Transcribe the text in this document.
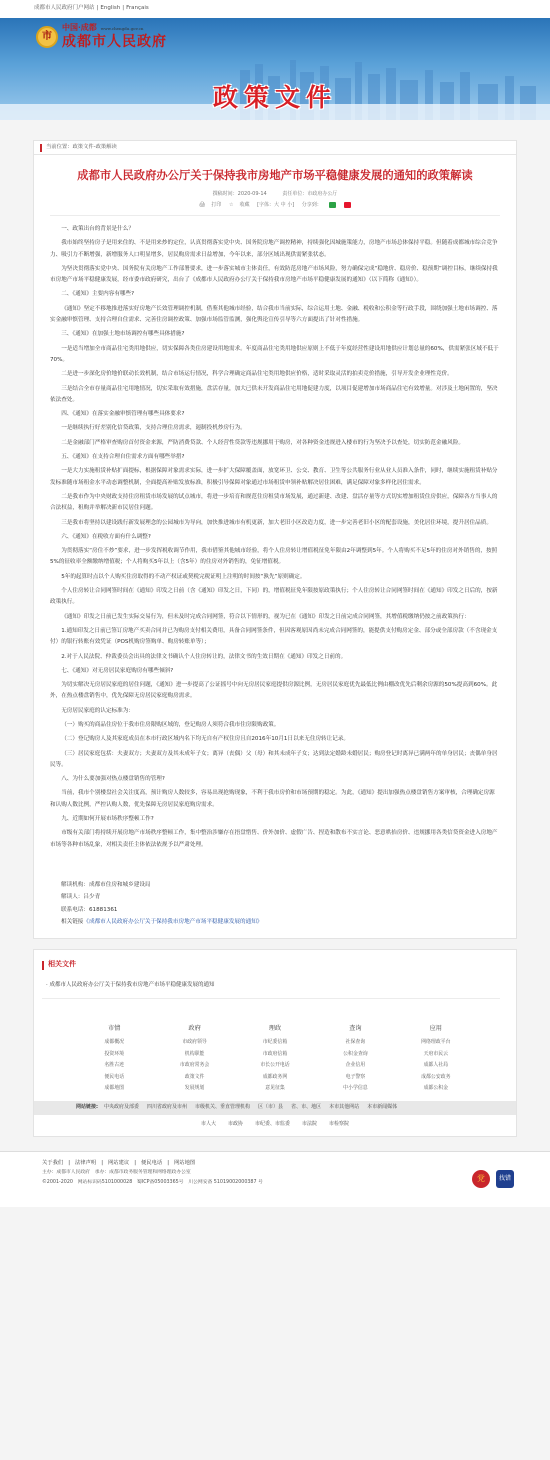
成都市人民政府门户网站 | English | Français
市
中国·成都 www.chengdu.gov.cn
成都市人民政府
政策文件
当前位置： 政策文件-政策解读
成都市人民政府办公厅关于保持我市房地产市场平稳健康发展的通知的政策解读
撰稿时间：2020-09-14	责任单位：市政府办公厅
🖨 打印 ☆ 收藏 [字体：大 中 小] 分享到：

一、政策出台的背景是什么？

我市始终坚持房子是用来住的、不是用来炒的定位，认真贯彻落实党中央、国务院房地产调控精神，持续强化因城施策能力，房地产市场总体保持平稳。但随着成都城市综合竞争力、吸引力不断增强，新增服务人口明显增多，居民购房需求日益增加，今年以来，部分区域出现供需紧张状态。

为坚决贯彻落实党中央、国务院有关房地产工作部署要求，进一步落实城市主体责任，有效防范房地产市场风险，努力确保完成“稳地价、稳房价、稳预期”调控目标，继续保持我市房地产市场平稳健康发展，经市委市政府研究，出台了《成都市人民政府办公厅关于保持我市房地产市场平稳健康发展的通知》（以下简称《通知》）。

二、《通知》主要内容有哪些?

《通知》坚定不移地推进落实好房地产长效管理调控机制，借鉴其他城市经验，结合我市当前实际，综合运用土地、金融、税收和公积金等行政手段，围绕加强土地市场调控、落实金融审慎管理、支持合理自住需求、完善住房调控政策、加强市场监管监测，强化舆论宣传引导等六方面提出了针对性措施。

三、《通知》在加强土地市场调控有哪些具体措施?

一是适当增加全市商品住宅类用地供应，切实保障各类住房建设用地需求。年度商品住宅类用地供应原则上不低于年度经营性建设用地供应计划总量的60%，供需紧张区域不低于70%。

二是进一步深化房价地价联动长效机制，结合市场运行情况，科学合理确定商品住宅类用地供应价格，适时采取灵活的拍卖竞价措施，引导开发企业理性竞价。

三是结合全市存量商品住宅用地情况，切实采取有效措施，盘活存量，加大已供未开发商品住宅用地促建力度，以项目促建增加市场商品住宅有效增量。对涉及土地闲置的，坚决依法查处。

四、《通知》在落实金融审慎管理有哪些具体要求?

一是继续执行好差别化信贷政策，支持合理住房需求，遏制投机炒房行为。

二是金融部门严格审查购房首付资金来源，严防消费贷款、个人经营性贷款等违规挪用于购房，对各种资金违规进入楼市的行为坚决予以查处，切实防范金融风险。

五、《通知》在支持合理自住需求方面有哪些举措?

一是大力实施租赁补贴扩面提标，根据保障对象需求实际，进一步扩大保障覆盖面，放宽环卫、公交、教育、卫生等公共服务行业从业人员准入条件，同时，继续实施租赁补贴分发标准随市场租金水平动态调整机制，全面提高补贴发放标准，积极引导保障对象通过市场租赁申领补贴解决居住困难，满足保障对象多样化居住需求。

二是我市作为中央财政支持住房租赁市场发展的试点城市，将进一步培育和规范住房租赁市场发展，通过新建、改建、盘活存量等方式切实增加租赁住房供应，保障各方当事人的合法权益，租购并举解决新市民居住问题。

三是我市将坚持以建设践行新发展理念的公园城市为导向，加快推进城市有机更新，加大老旧小区改造力度，进一步完善老旧小区的配套设施，美化居住环境，提升居住品质。

六、《通知》在税收方面有什么调整?

为贯彻落实“房住不炒”要求，进一步发挥税收调节作用，我市借鉴其他城市经验，将个人住房转让增值税征免年限由2年调整到5年。个人将购买不足5年的住房对外销售的，按照5%的征收率全额缴纳增值税；个人将购买5年以上（含5年）的住房对外销售的，免征增值税。

5年的起算时点以个人购买住房取得的不动产权证或契税完税证明上注明的时间按“孰先”原则确定。

个人住房转让合同网签时间在《通知》印发之日前（含《通知》印发之日，下同）的，增值税征免年限按原政策执行；个人住房转让合同网签时间在《通知》印发之日后的，按新政策执行。

《通知》印发之日前已发生实际交易行为，但未及时完成合同网签，符合以下情形的，视为已在《通知》印发之日前完成合同网签，其增值税缴纳仍按之前政策执行：

1.通知印发之日前已签订房地产买卖合同并已为购房支付相关费用，具备合同网签条件，但因客观原因尚未完成合同网签的，能提供支付购房定金、部分或全部房款（不含现金支付）的银行转账有效凭证（POS机购房签购单、购房转账单等）；

2.对于人民法院、仲裁委员会出具的法律文书确认个人住房转让的，法律文书的生效日期在《通知》印发之日前的。

七、《通知》对无房居民家庭购房有哪些倾斜?

为切实解决无房居民家庭的居住问题，《通知》进一步提高了公证摇号中向无房居民家庭提供房源比例，无房居民家庭优先最低比例由棚改优先后剩余房源的50%提高到60%。此外，在热点楼盘销售中，优先保障无房居民家庭购房需求。

无房居民家庭的认定标准为：

（一）购买的商品住房位于我市住房限购区域的，登记购房人须符合我市住房限购政策。

（二）登记购房人及其家庭成员在本市行政区域内名下均无自有产权住房且自2016年10月1日以来无住房转让记录。

（三）居民家庭包括：夫妻双方；夫妻双方及其未成年子女；离异（丧偶）父（母）和其未成年子女；达到法定婚龄未婚居民；购房登记时离异已满两年的单身居民；丧偶单身居民等。

八、为什么要加强对热点楼盘销售的管理?

当前，我市个别楼盘社会关注度高，预计购房人数较多，容易出现抢购现象，不利于我市房价和市场预期的稳定。为此，《通知》提出加强热点楼盘销售方案审核，合理确定房源和认购人数比例，严控认购人数，优先保障无房居民家庭购房需求。

九、近期如何开展市场秩序整顿工作?

市级有关部门将持续开展房地产市场秩序整顿工作，集中整治涉嫌存在捂盘惜售、价外加价、虚假广告、捏造和散布不实言论、恶意哄抬房价、违规挪用各类信贷资金进入房地产市场等各种市场乱象，对相关责任主体依法依规予以严肃处理。

解读机构：成都市住房和城乡建设局

解读人：吕少青

联系电话：61881361

相关链接《成都市人民政府办公厅关于保持我市房地产市场平稳健康发展的通知》

相关文件
· 成都市人民政府办公厅关于保持我市房地产市场平稳健康发展的通知
市情
成都概况
投资环境
名胜古迹
便民电话
成都地图
政府
市政府领导
机构职能
市政府常务会
政策文件
发展规划
理政
市纪委信箱
市政府信箱
市长公开电话
成都政务网
意见征集
查询
社保查询
公积金查询
企业信用
电子警察
中小学信息
应用
网络理政平台
天府市民云
成都人社局
成都公安政务
成都公积金
网站链接: 中央政府及部委 四川省政府及市州 市级机关、垂直管理机构 区（市）县 省、市、地区 本市其他网站 本市新闻媒体
市人大 市政协 市纪委、市监委 市法院 市检察院
关于我们 | 法律声明 | 网站建议 | 便民电话 | 网站地图
主办：成都市人民政府　承办：成都市政务服务管理和网络理政办公室
©2001-2020　网站标识码5101000028　蜀ICP备05003365号　川公网安备 51019002000387 号	党	找错
